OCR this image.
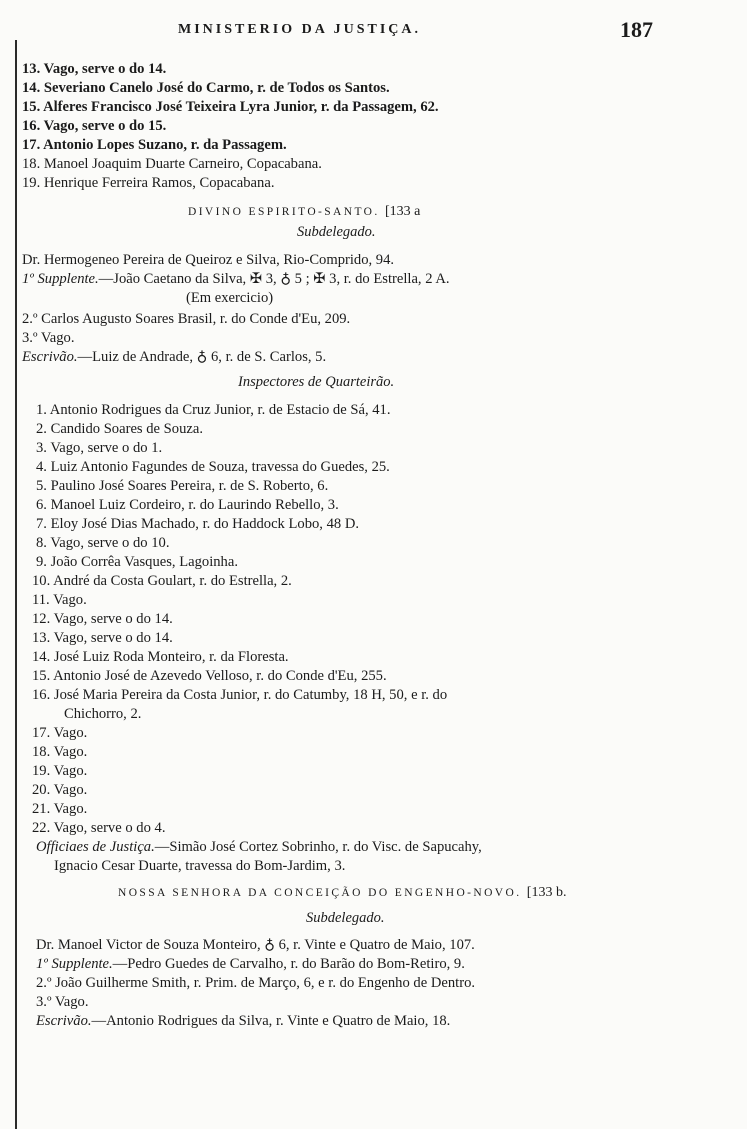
MINISTERIO DA JUSTIÇA.	187
13. Vago, serve o do 14.
14. Severiano Canelo José do Carmo, r. de Todos os Santos.
15. Alferes Francisco José Teixeira Lyra Junior, r. da Passagem, 62.
16. Vago, serve o do 15.
17. Antonio Lopes Suzano, r. da Passagem.
18. Manoel Joaquim Duarte Carneiro, Copacabana.
19. Henrique Ferreira Ramos, Copacabana.
DIVINO ESPIRITO-SANTO. [133 a
Subdelegado.
Dr. Hermogeneo Pereira de Queiroz e Silva, Rio-Comprido, 94.
1º Supplente.—João Caetano da Silva, ✠ 3, ♁ 5 ; ✠ 3, r. do Estrella, 2 A.
(Em exercicio)
2.º Carlos Augusto Soares Brasil, r. do Conde d'Eu, 209.
3.º Vago.
Escrivão.—Luiz de Andrade, ♁ 6, r. de S. Carlos, 5.
Inspectores de Quarteirão.
1. Antonio Rodrigues da Cruz Junior, r. de Estacio de Sá, 41.
2. Candido Soares de Souza.
3. Vago, serve o do 1.
4. Luiz Antonio Fagundes de Souza, travessa do Guedes, 25.
5. Paulino José Soares Pereira, r. de S. Roberto, 6.
6. Manoel Luiz Cordeiro, r. do Laurindo Rebello, 3.
7. Eloy José Dias Machado, r. do Haddock Lobo, 48 D.
8. Vago, serve o do 10.
9. João Corrêa Vasques, Lagoinha.
10. André da Costa Goulart, r. do Estrella, 2.
11. Vago.
12. Vago, serve o do 14.
13. Vago, serve o do 14.
14. José Luiz Roda Monteiro, r. da Floresta.
15. Antonio José de Azevedo Velloso, r. do Conde d'Eu, 255.
16. José Maria Pereira da Costa Junior, r. do Catumby, 18 H, 50, e r. do
Chichorro, 2.
17. Vago.
18. Vago.
19. Vago.
20. Vago.
21. Vago.
22. Vago, serve o do 4.
Officiaes de Justiça.—Simão José Cortez Sobrinho, r. do Visc. de Sapucahy,
Ignacio Cesar Duarte, travessa do Bom-Jardim, 3.
NOSSA SENHORA DA CONCEIÇÃO DO ENGENHO-NOVO. [133 b.
Subdelegado.
Dr. Manoel Victor de Souza Monteiro, ♁ 6, r. Vinte e Quatro de Maio, 107.
1º Supplente.—Pedro Guedes de Carvalho, r. do Barão do Bom-Retiro, 9.
2.º João Guilherme Smith, r. Prim. de Março, 6, e r. do Engenho de Dentro.
3.º Vago.
Escrivão.—Antonio Rodrigues da Silva, r. Vinte e Quatro de Maio, 18.
